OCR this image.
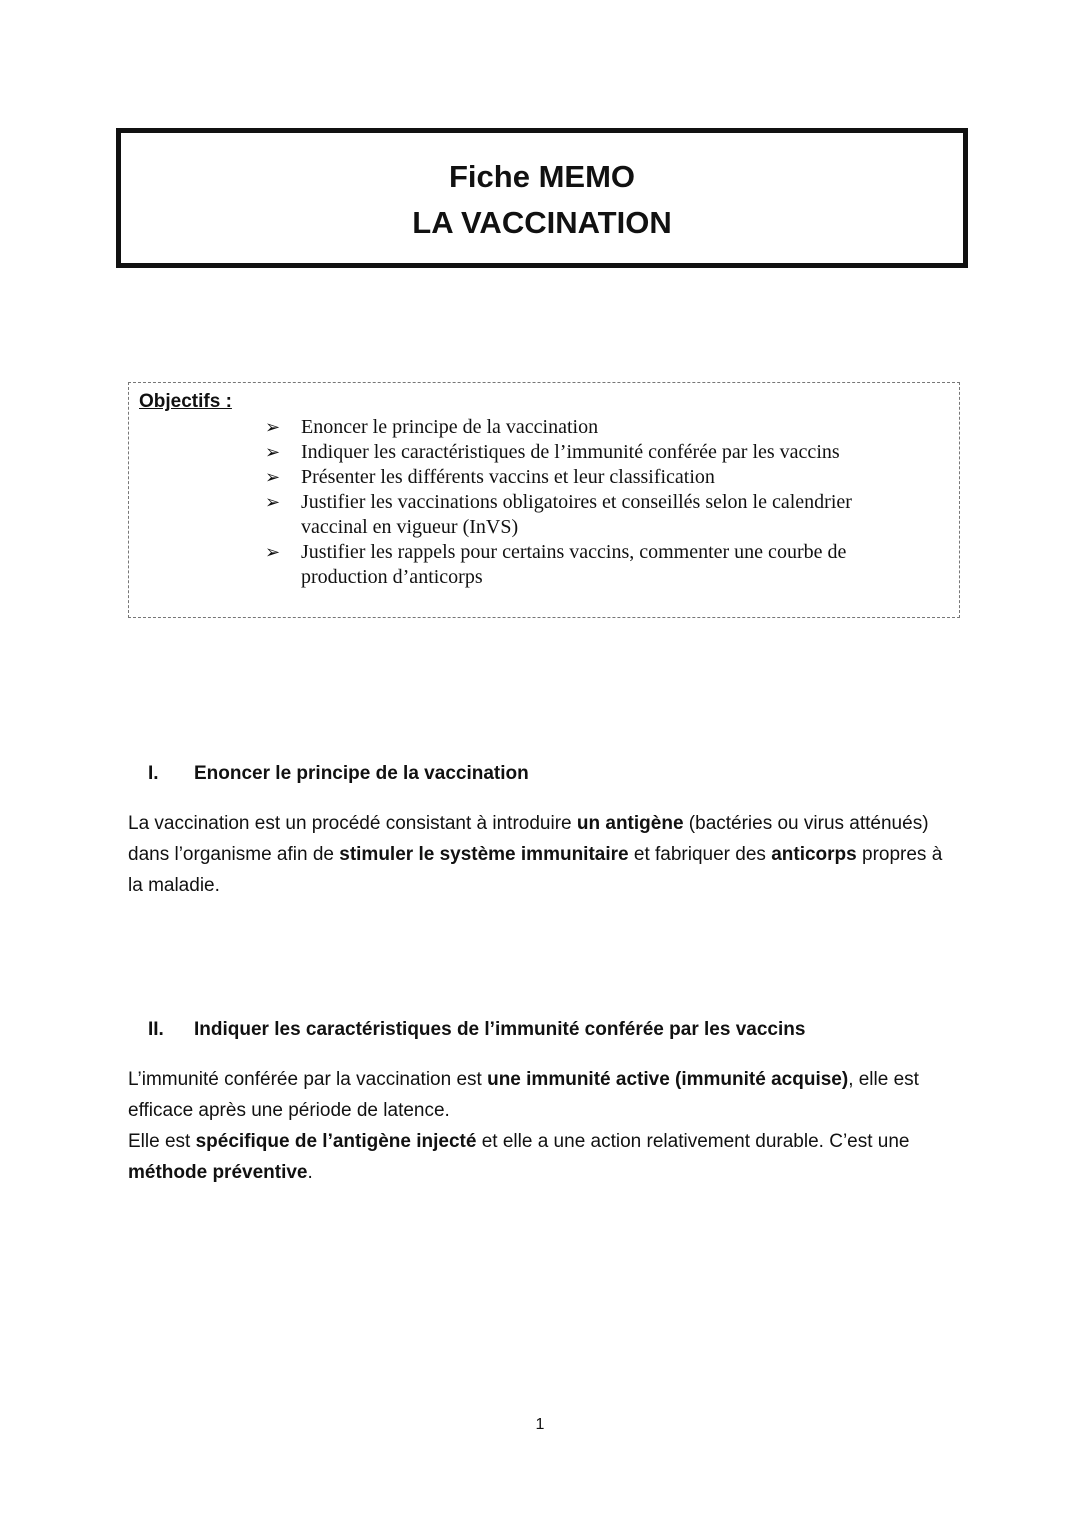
Fiche MEMO
LA VACCINATION
Objectifs :
➢ Enoncer le principe de la vaccination
➢ Indiquer les caractéristiques de l’immunité conférée par les vaccins
➢ Présenter les différents vaccins et leur classification
➢ Justifier les vaccinations obligatoires et conseillés selon le calendrier vaccinal en vigueur (InVS)
➢ Justifier les rappels pour certains vaccins, commenter une courbe de production d’anticorps
I. Enoncer le principe de la vaccination
La vaccination est un procédé consistant à introduire un antigène (bactéries ou virus atténués) dans l’organisme afin de stimuler le système immunitaire et fabriquer des anticorps propres à la maladie.
II. Indiquer les caractéristiques de l’immunité conférée par les vaccins
L’immunité conférée par la vaccination est une immunité active (immunité acquise), elle est efficace après une période de latence.
Elle est spécifique de l’antigène injecté et elle a une action relativement durable. C’est une méthode préventive.
1
